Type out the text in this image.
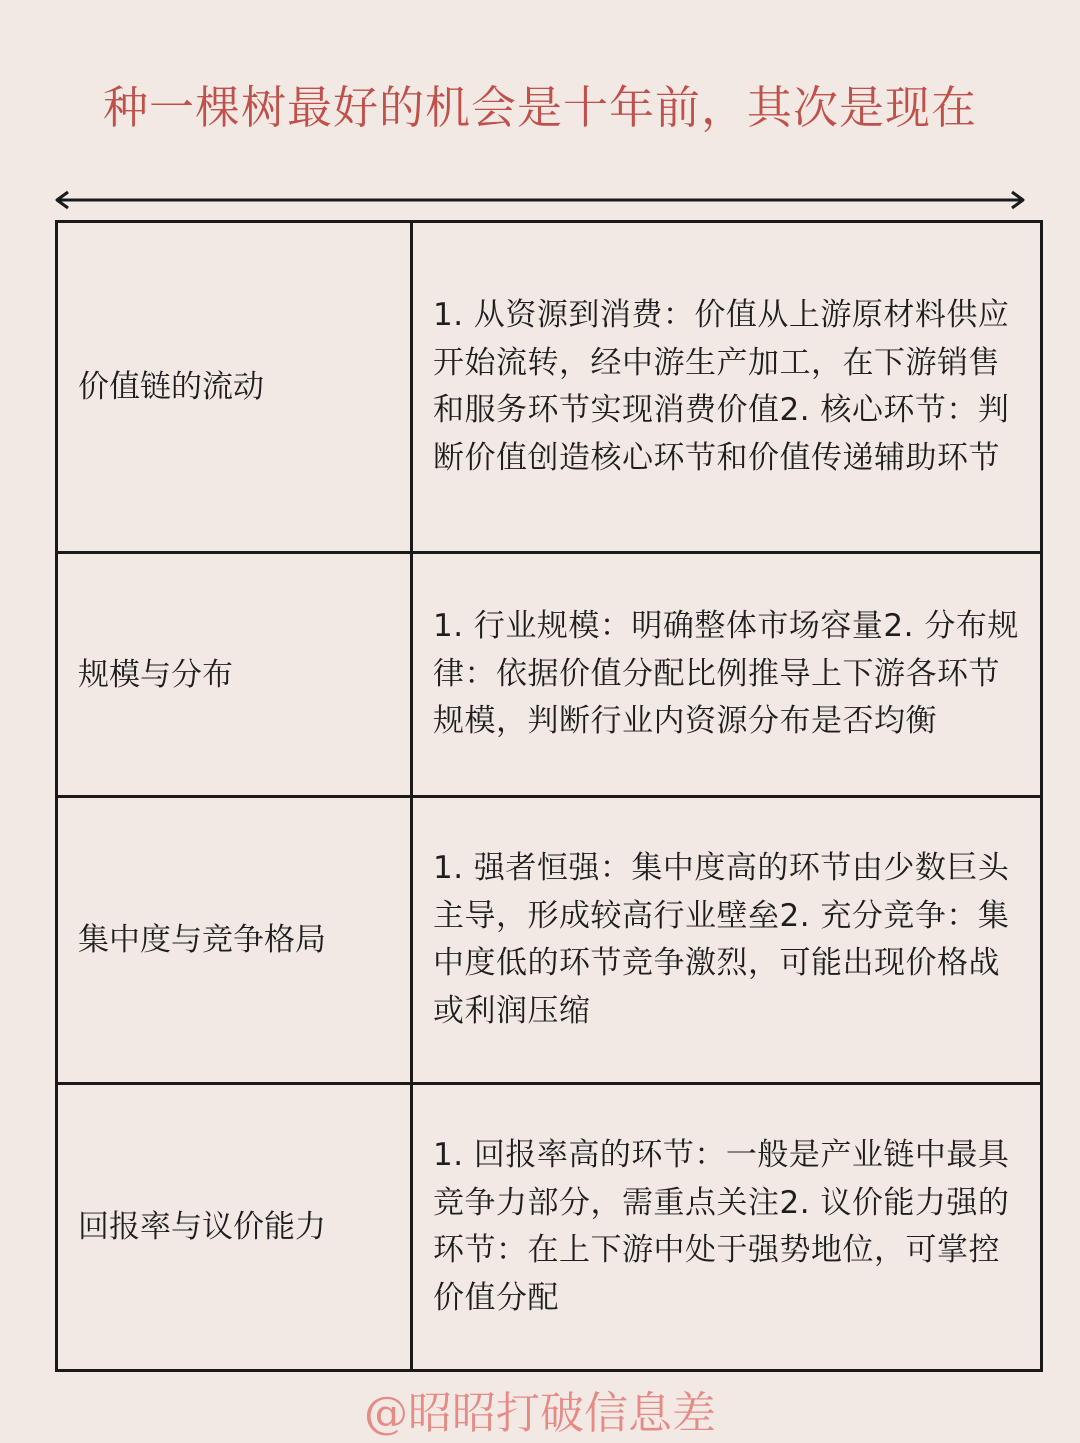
种一棵树最好的机会是十年前，其次是现在
价值链的流动	1. 从资源到消费：价值从上游原材料供应开始流转，经中游生产加工，在下游销售和服务环节实现消费价值2. 核心环节：判断价值创造核心环节和价值传递辅助环节
规模与分布	1. 行业规模：明确整体市场容量2. 分布规律：依据价值分配比例推导上下游各环节规模，判断行业内资源分布是否均衡
集中度与竞争格局	1. 强者恒强：集中度高的环节由少数巨头主导，形成较高行业壁垒2. 充分竞争：集中度低的环节竞争激烈，可能出现价格战或利润压缩
回报率与议价能力	1. 回报率高的环节：一般是产业链中最具竞争力部分，需重点关注2. 议价能力强的环节：在上下游中处于强势地位，可掌控价值分配
@昭昭打破信息差
